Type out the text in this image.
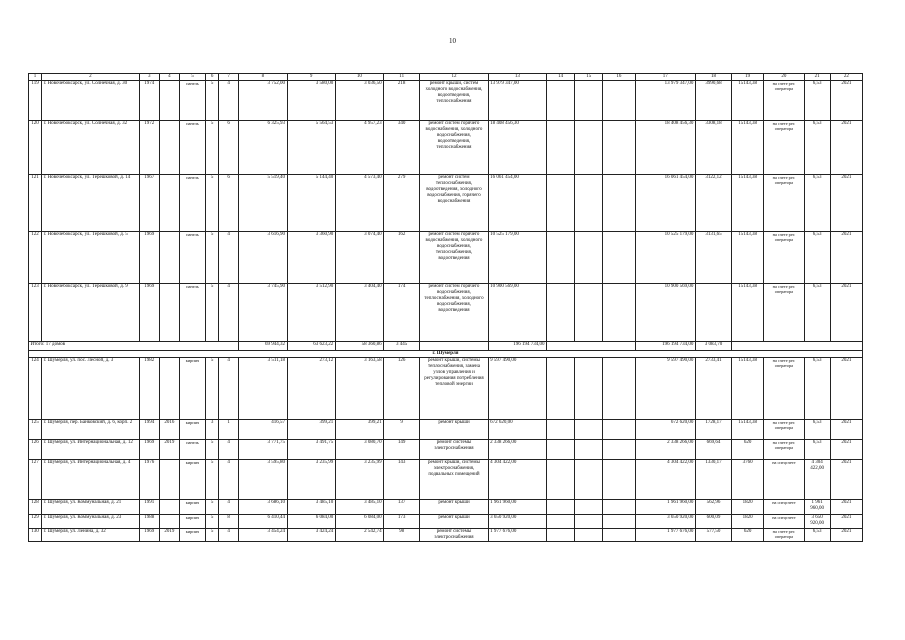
10
1	2	3	4	5	6	7	8	9	10	11	12	13	14	15	16	17	18	19	20	21	22
119	г. Новочебоксарск, ул. Солнечная, д. 30	1974		панель	5	4	3 752,00	3 580,00	3 036,50	218	ремонт крыши, систем холодного водоснабжения, водоотведения, теплоснабжения	13 979 347,00				13 979 347,00	3990,68	15143,38	на счете рег. оператора	6,53	2021
120	г. Новочебоксарск, ул. Солнечная, д. 32	1972		панель	5	6	6 325,93	5 564,53	4 957,23	340	ремонт систем горячего водоснабжения, холодного водоснабжения, водоотведения, теплоснабжения	18 408 456,30				18 408 456,30	3308,18	15143,38	на счете рег. оператора	6,53	2021
121	г. Новочебоксарск, ул. Терешковой, д. 14	1967		панель	5	6	5 519,40	5 144,40	4 573,40	279	ремонт систем теплоснабжения, водоотведения, холодного водоснабжения, горячего водоснабжения	16 061 454,00				16 061 454,00	3122,12	15143,38	на счете рег. оператора	6,53	2021
122	г. Новочебоксарск, ул. Терешковой, д. 5	1969		панель	5	4	3 616,90	3 360,90	3 074,40	162	ремонт систем горячего водоснабжения, холодного водоснабжения, теплоснабжения, водоотведения	10 525 179,00				10 525 179,00	3131,65	15143,38	на счете рег. оператора	6,53	2021
123	г. Новочебоксарск, ул. Терешковой, д. 9	1969		панель	5	4	3 745,90	3 512,90	3 404,40	174	ремонт систем горячего водоснабжения, теплоснабжения, холодного водоснабжения, водоотведения	10 900 569,00				10 900 569,00		15143,38	на счете рег. оператора	6,53	2021
Итого: 17 домов							69 944,32	63 623,22	58 360,86	3 445		196 194 734,00				196 194 734,00	3 083,70				
г. Шумерля																					
124	г. Шумерля, ул. пос. Лесной, д. 3	1982		кирпич	5	4	3 511,18	273,12	3 163,58	126	ремонт крыши, системы теплоснабжения, замена узлов управления и регулирования потребления тепловой энергии	9 597 490,00				9 597 490,00	2733,41	15143,38	на счете рег. оператора	6,53	2021
125	г. Шумерля, пер. Банковский, д. 6, корп. 2	1994	2016	кирпич	3	1	416,57	399,21	399,21	9	ремонт крыши	672 620,00				672 620,00	1728,17	15143,38	на счете рег. оператора	6,53	2021
126	г. Шумерля, ул. Интернациональная, д. 12	1969	2019	панель	5	4	3 771,75	3 491,75	3 080,70	149	ремонт системы электроснабжения	2 338 266,00				2 338 266,00	669,64	620	на счете рег. оператора	6,53	2021
127	г. Шумерля, ул. Интернациональная, д. 4	1976		кирпич	5	4	3 595,80	3 235,99	3 235,99	143	ремонт крыши, системы электроснабжения, подвальных помещений	4 304 422,00				4 304 422,00	1330,17	3760	на спецсчете	4 304 422,00	2021
128	г. Шумерля, ул. Коммунальная, д. 21	1991		кирпич	5	4	3 686,10	3 485,10	3 485,10	137	ремонт крыши	1 961 960,00				1 961 960,00	562,96	1820	на спецсчете	1 961 960,00	2021
129	г. Шумерля, ул. Коммунальная, д. 23	1988		кирпич	5	8	6 410,44	6 084,00	6 084,00	173	ремонт крыши	3 650 920,00				3 650 920,00	600,09	1820	на спецсчете	3 650 920,00	2021
130	г. Шумерля, ул. Ленина, д. 32	1969	2019	кирпич	5	4	3 454,24	3 424,24	2 542,74	98	ремонт системы электроснабжения	1 977 676,00				1 977 676,00	577,50	620	на счете рег. оператора	6,53	2021
